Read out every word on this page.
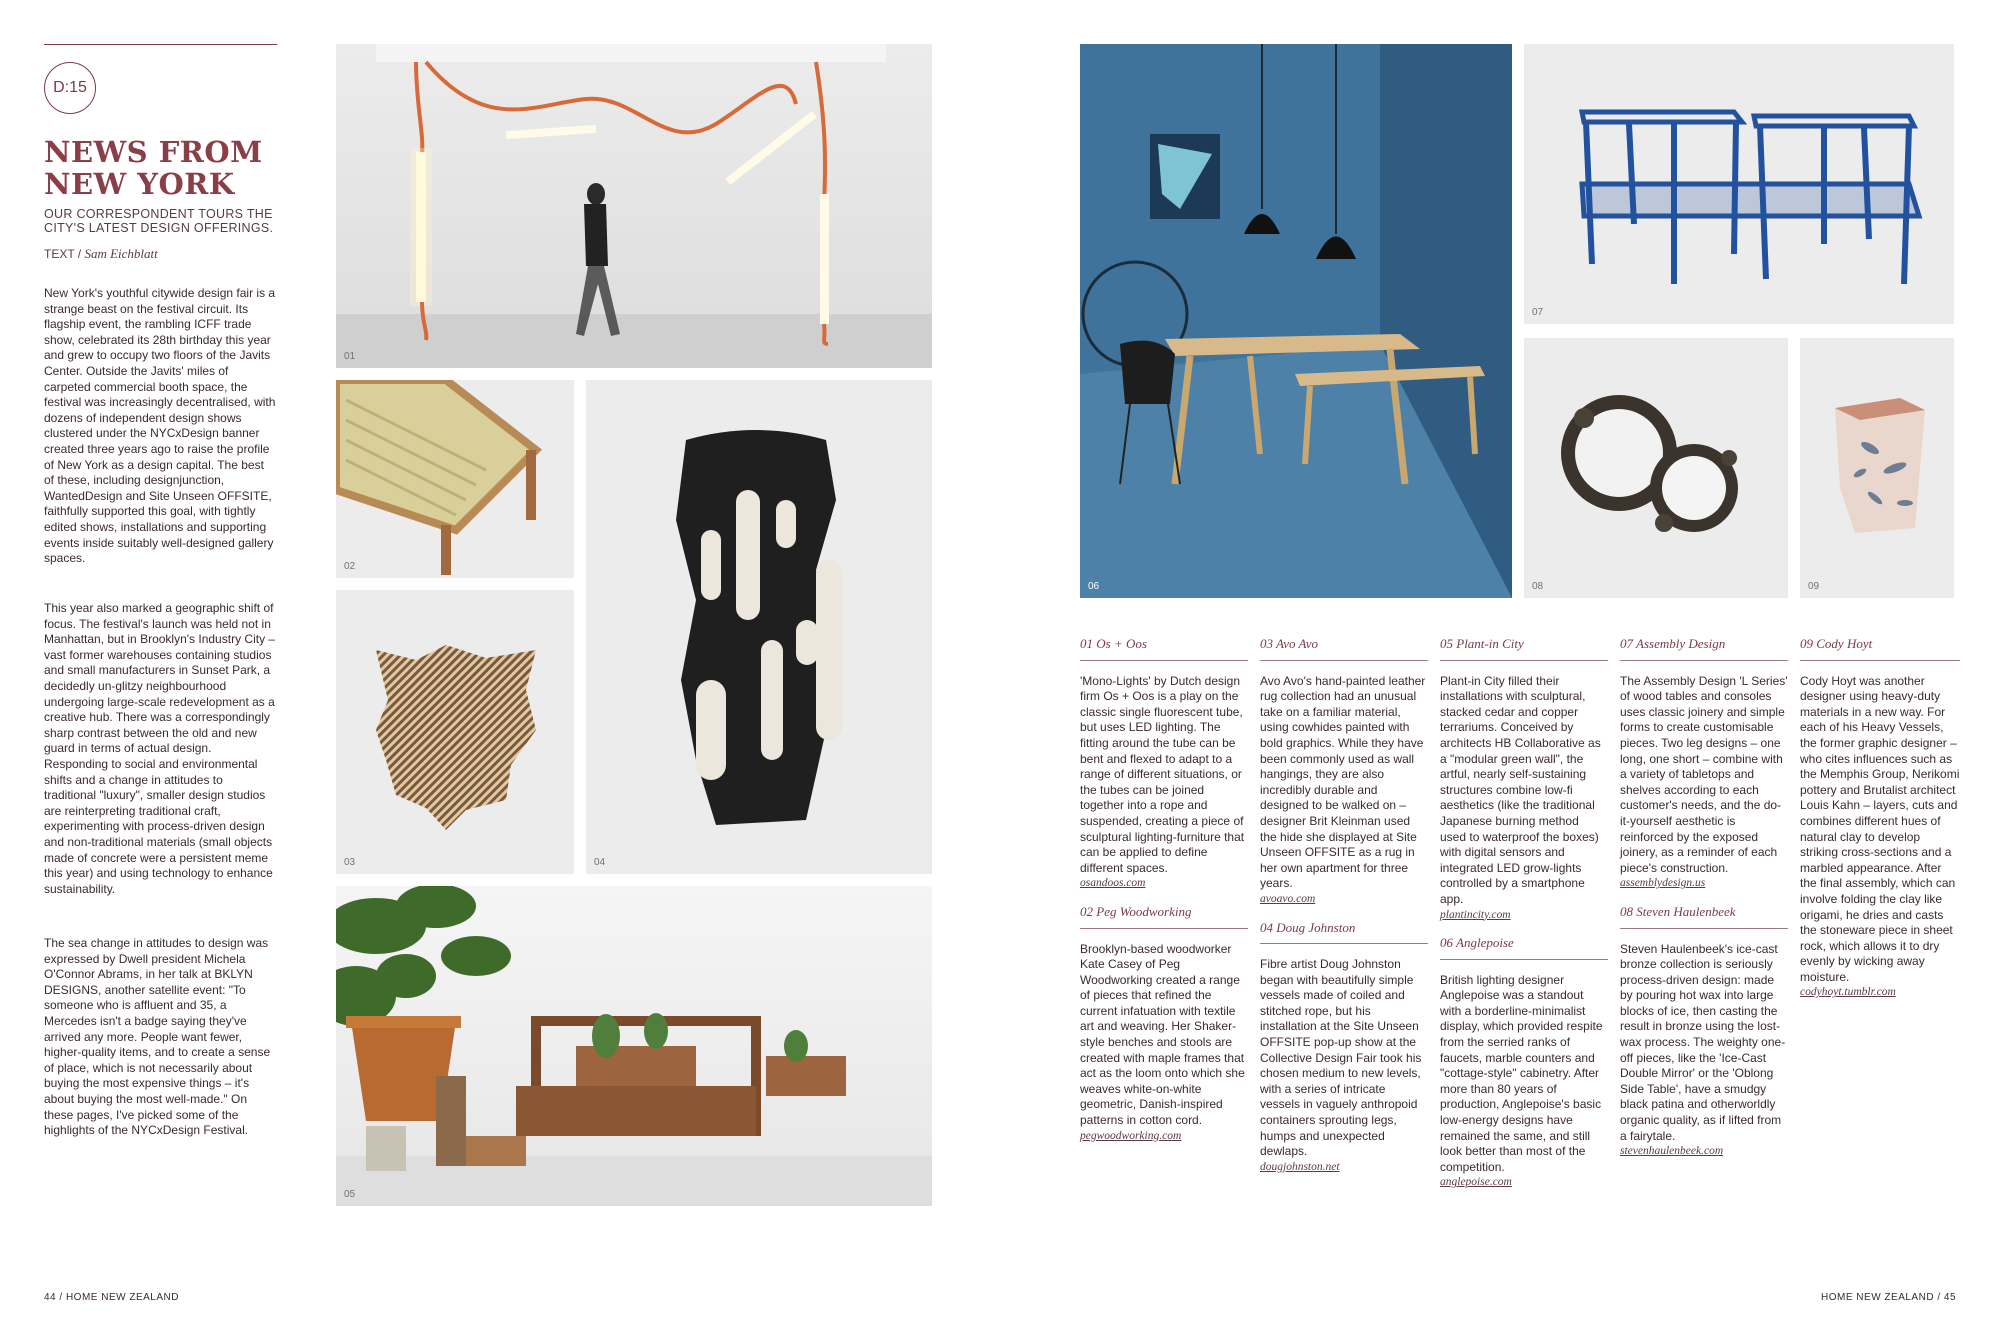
D:15
NEWS FROM NEW YORK
OUR CORRESPONDENT TOURS THE CITY'S LATEST DESIGN OFFERINGS.
TEXT / Sam Eichblatt
New York's youthful citywide design fair is a strange beast on the festival circuit. Its flagship event, the rambling ICFF trade show, celebrated its 28th birthday this year and grew to occupy two floors of the Javits Center. Outside the Javits' miles of carpeted commercial booth space, the festival was increasingly decentralised, with dozens of independent design shows clustered under the NYCxDesign banner created three years ago to raise the profile of New York as a design capital. The best of these, including designjunction, WantedDesign and Site Unseen OFFSITE, faithfully supported this goal, with tightly edited shows, installations and supporting events inside suitably well-designed gallery spaces.
This year also marked a geographic shift of focus. The festival's launch was held not in Manhattan, but in Brooklyn's Industry City – vast former warehouses containing studios and small manufacturers in Sunset Park, a decidedly un-glitzy neighbourhood undergoing large-scale redevelopment as a creative hub. There was a correspondingly sharp contrast between the old and new guard in terms of actual design. Responding to social and environmental shifts and a change in attitudes to traditional "luxury", smaller design studios are reinterpreting traditional craft, experimenting with process-driven design and non-traditional materials (small objects made of concrete were a persistent meme this year) and using technology to enhance sustainability.
The sea change in attitudes to design was expressed by Dwell president Michela O'Connor Abrams, in her talk at BKLYN DESIGNS, another satellite event: "To someone who is affluent and 35, a Mercedes isn't a badge saying they've arrived any more. People want fewer, higher-quality items, and to create a sense of place, which is not necessarily about buying the most expensive things – it's about buying the most well-made." On these pages, I've picked some of the highlights of the NYCxDesign Festival.
01
02
03	04
05
06
07
08	09
01 Os + Oos
'Mono-Lights' by Dutch design firm Os + Oos is a play on the classic single fluorescent tube, but uses LED lighting. The fitting around the tube can be bent and flexed to adapt to a range of different situations, or the tubes can be joined together into a rope and suspended, creating a piece of sculptural lighting-furniture that can be applied to define different spaces.
osandoos.com
02 Peg Woodworking
Brooklyn-based woodworker Kate Casey of Peg Woodworking created a range of pieces that refined the current infatuation with textile art and weaving. Her Shaker-style benches and stools are created with maple frames that act as the loom onto which she weaves white-on-white geometric, Danish-inspired patterns in cotton cord.
pegwoodworking.com
03 Avo Avo
Avo Avo's hand-painted leather rug collection had an unusual take on a familiar material, using cowhides painted with bold graphics. While they have been commonly used as wall hangings, they are also incredibly durable and designed to be walked on – designer Brit Kleinman used the hide she displayed at Site Unseen OFFSITE as a rug in her own apartment for three years.
avoavo.com
04 Doug Johnston
Fibre artist Doug Johnston began with beautifully simple vessels made of coiled and stitched rope, but his installation at the Site Unseen OFFSITE pop-up show at the Collective Design Fair took his chosen medium to new levels, with a series of intricate vessels in vaguely anthropoid containers sprouting legs, humps and unexpected dewlaps.
dougjohnston.net
05 Plant-in City
Plant-in City filled their installations with sculptural, stacked cedar and copper terrariums. Conceived by architects HB Collaborative as a "modular green wall", the artful, nearly self-sustaining structures combine low-fi aesthetics (like the traditional Japanese burning method used to waterproof the boxes) with digital sensors and integrated LED grow-lights controlled by a smartphone app.
plantincity.com
06 Anglepoise
British lighting designer Anglepoise was a standout with a borderline-minimalist display, which provided respite from the serried ranks of faucets, marble counters and "cottage-style" cabinetry. After more than 80 years of production, Anglepoise's basic low-energy designs have remained the same, and still look better than most of the competition.
anglepoise.com
07 Assembly Design
The Assembly Design 'L Series' of wood tables and consoles uses classic joinery and simple forms to create customisable pieces. Two leg designs – one long, one short – combine with a variety of tabletops and shelves according to each customer's needs, and the do-it-yourself aesthetic is reinforced by the exposed joinery, as a reminder of each piece's construction.
assemblydesign.us
08 Steven Haulenbeek
Steven Haulenbeek's ice-cast bronze collection is seriously process-driven design: made by pouring hot wax into large blocks of ice, then casting the result in bronze using the lost-wax process. The weighty one-off pieces, like the 'Ice-Cast Double Mirror' or the 'Oblong Side Table', have a smudgy black patina and otherworldly organic quality, as if lifted from a fairytale.
stevenhaulenbeek.com
09 Cody Hoyt
Cody Hoyt was another designer using heavy-duty materials in a new way. For each of his Heavy Vessels, the former graphic designer – who cites influences such as the Memphis Group, Nerikomi pottery and Brutalist architect Louis Kahn – layers, cuts and combines different hues of natural clay to develop striking cross-sections and a marbled appearance. After the final assembly, which can involve folding the clay like origami, he dries and casts the stoneware piece in sheet rock, which allows it to dry evenly by wicking away moisture.
codyhoyt.tumblr.com
44 / HOME NEW ZEALAND	HOME NEW ZEALAND / 45
